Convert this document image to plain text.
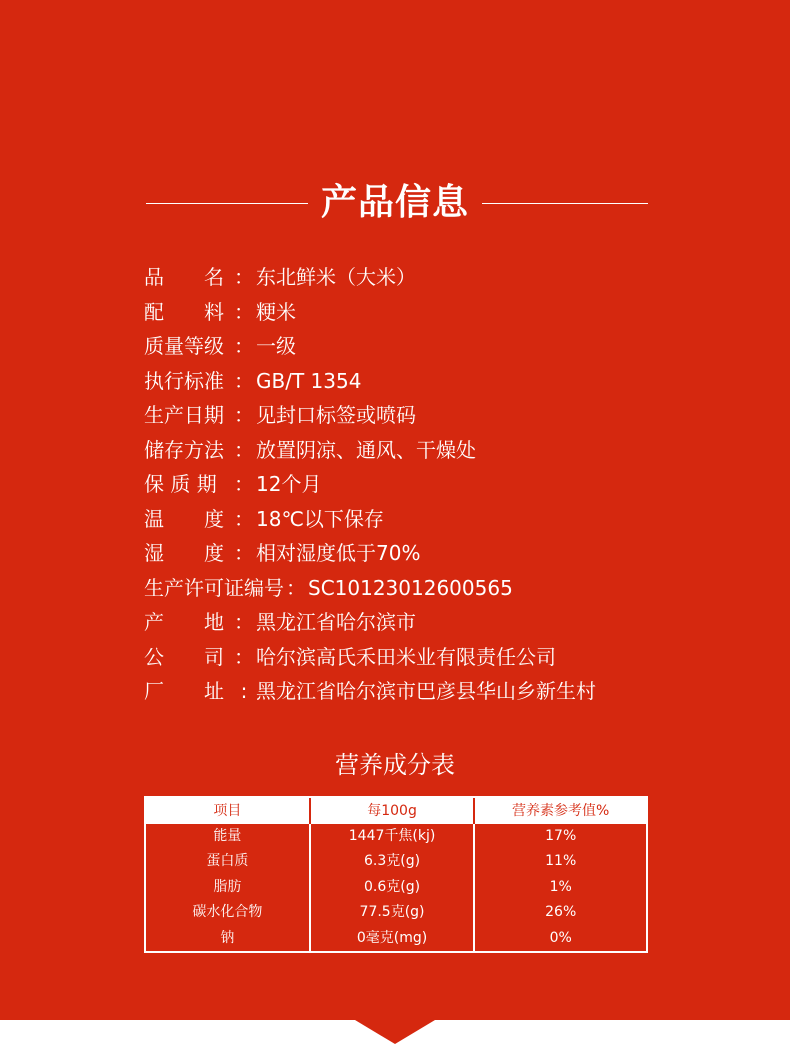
产品信息
品　　名 ： 东北鲜米（大米）
配　　料 ： 粳米
质量等级 ： 一级
执行标准 ： GB/T 1354
生产日期 ： 见封口标签或喷码
储存方法 ： 放置阴凉、通风、干燥处
保 质 期 ： 12个月
温　　度 ： 18℃以下保存
湿　　度 ： 相对湿度低于70%
生产许可证编号 ： SC10123012600565
产　　地 ： 黑龙江省哈尔滨市
公　　司 ： 哈尔滨高氏禾田米业有限责任公司
厂　　址 : 黑龙江省哈尔滨市巴彦县华山乡新生村
营养成分表
项目	每100g	营养素参考值%
能量	1447千焦(kj)	17%
蛋白质	6.3克(g)	11%
脂肪	0.6克(g)	1%
碳水化合物	77.5克(g)	26%
钠	0毫克(mg)	0%
